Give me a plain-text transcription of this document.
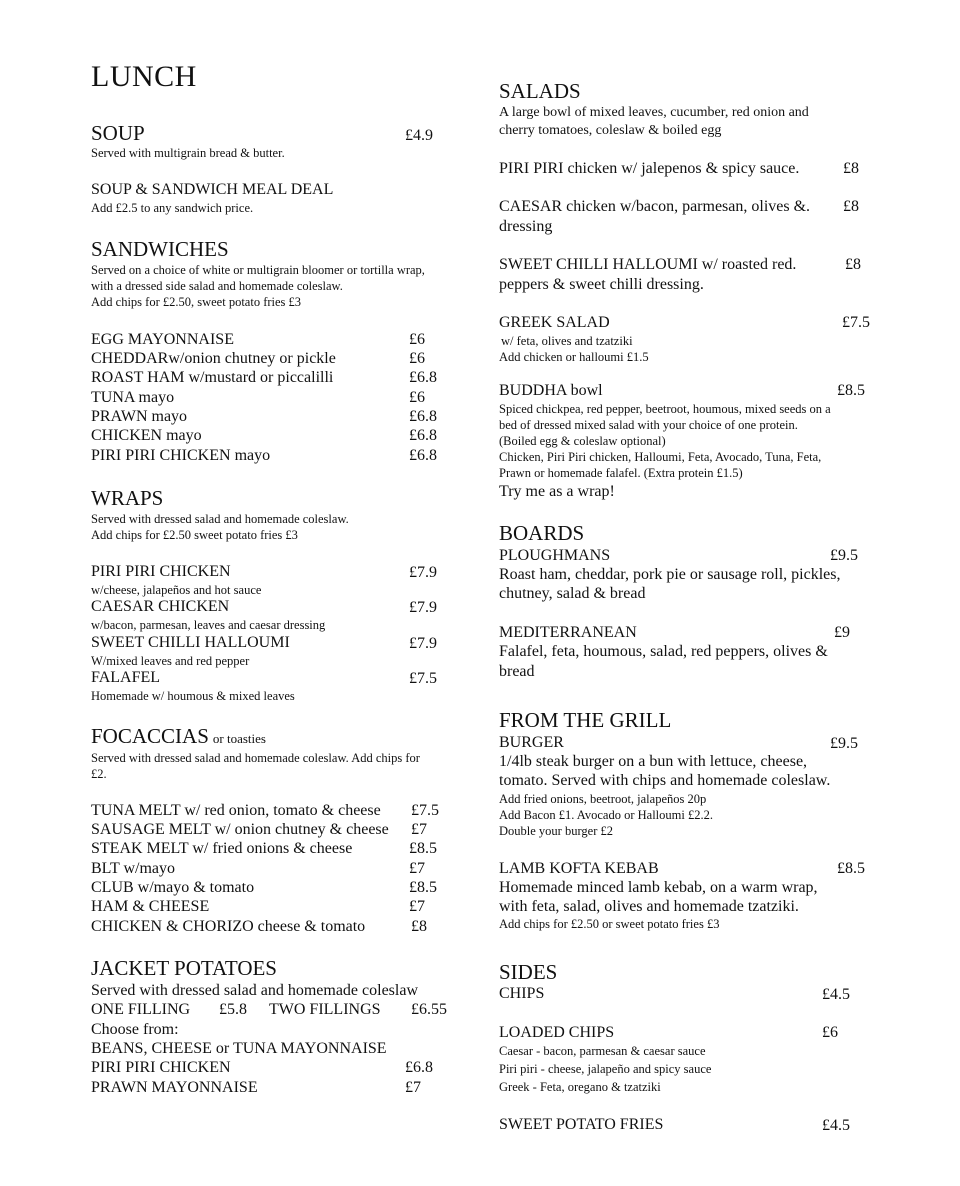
LUNCH
SOUP	£4.9
Served with multigrain bread & butter.
SOUP & SANDWICH MEAL DEAL
Add £2.5 to any sandwich price.
SANDWICHES
Served on a choice of white or multigrain bloomer or tortilla wrap,
with a dressed side salad and homemade coleslaw.
Add chips for £2.50, sweet potato fries £3
EGG MAYONNAISE	£6
CHEDDARw/onion chutney or pickle	£6
ROAST HAM w/mustard or piccalilli	£6.8
TUNA mayo	£6
PRAWN mayo	£6.8
CHICKEN mayo	£6.8
PIRI PIRI CHICKEN mayo	£6.8
WRAPS
Served with dressed salad and homemade coleslaw.
Add chips for £2.50 sweet potato fries £3
PIRI PIRI CHICKEN	£7.9
w/cheese, jalapeños and hot sauce
CAESAR CHICKEN	£7.9
w/bacon, parmesan, leaves and caesar dressing
SWEET CHILLI HALLOUMI	£7.9
W/mixed leaves and red pepper
FALAFEL	£7.5
Homemade w/ houmous & mixed leaves
FOCACCIAS or toasties
Served with dressed salad and homemade coleslaw. Add chips for
£2.
TUNA MELT w/ red onion, tomato & cheese £7.5
SAUSAGE MELT w/ onion chutney & cheese £7
STEAK MELT w/ fried onions & cheese	£8.5
BLT w/mayo	£7
CLUB w/mayo & tomato	£8.5
HAM & CHEESE	£7
CHICKEN & CHORIZO cheese & tomato	£8
JACKET POTATOES
Served with dressed salad and homemade coleslaw
ONE FILLING £5.8 TWO FILLINGS £6.55
Choose from:
BEANS, CHEESE or TUNA MAYONNAISE
PIRI PIRI CHICKEN	£6.8
PRAWN MAYONNAISE	£7
SALADS
A large bowl of mixed leaves, cucumber, red onion and
cherry tomatoes, coleslaw & boiled egg
PIRI PIRI chicken w/ jalepenos & spicy sauce.	£8
CAESAR chicken w/bacon, parmesan, olives &. £8
dressing
SWEET CHILLI HALLOUMI w/ roasted red.	£8
peppers & sweet chilli dressing.
GREEK SALAD	£7.5
w/ feta, olives and tzatziki
Add chicken or halloumi £1.5
BUDDHA bowl	£8.5
Spiced chickpea, red pepper, beetroot, houmous, mixed seeds on a
bed of dressed mixed salad with your choice of one protein.
(Boiled egg & coleslaw optional)
Chicken, Piri Piri chicken, Halloumi, Feta, Avocado, Tuna, Feta,
Prawn or homemade falafel. (Extra protein £1.5)
Try me as a wrap!
BOARDS
PLOUGHMANS	£9.5
Roast ham, cheddar, pork pie or sausage roll, pickles,
chutney, salad & bread
MEDITERRANEAN	£9
Falafel, feta, houmous, salad, red peppers, olives &
bread
FROM THE GRILL
BURGER	£9.5
1/4lb steak burger on a bun with lettuce, cheese,
tomato. Served with chips and homemade coleslaw.
Add fried onions, beetroot, jalapeños 20p
Add Bacon £1. Avocado or Halloumi £2.2.
Double your burger £2
LAMB KOFTA KEBAB	£8.5
Homemade minced lamb kebab, on a warm wrap,
with feta, salad, olives and homemade tzatziki.
Add chips for £2.50 or sweet potato fries £3
SIDES
CHIPS	£4.5
LOADED CHIPS	£6
Caesar - bacon, parmesan & caesar sauce
Piri piri - cheese, jalapeño and spicy sauce
Greek - Feta, oregano & tzatziki
SWEET POTATO FRIES	£4.5
